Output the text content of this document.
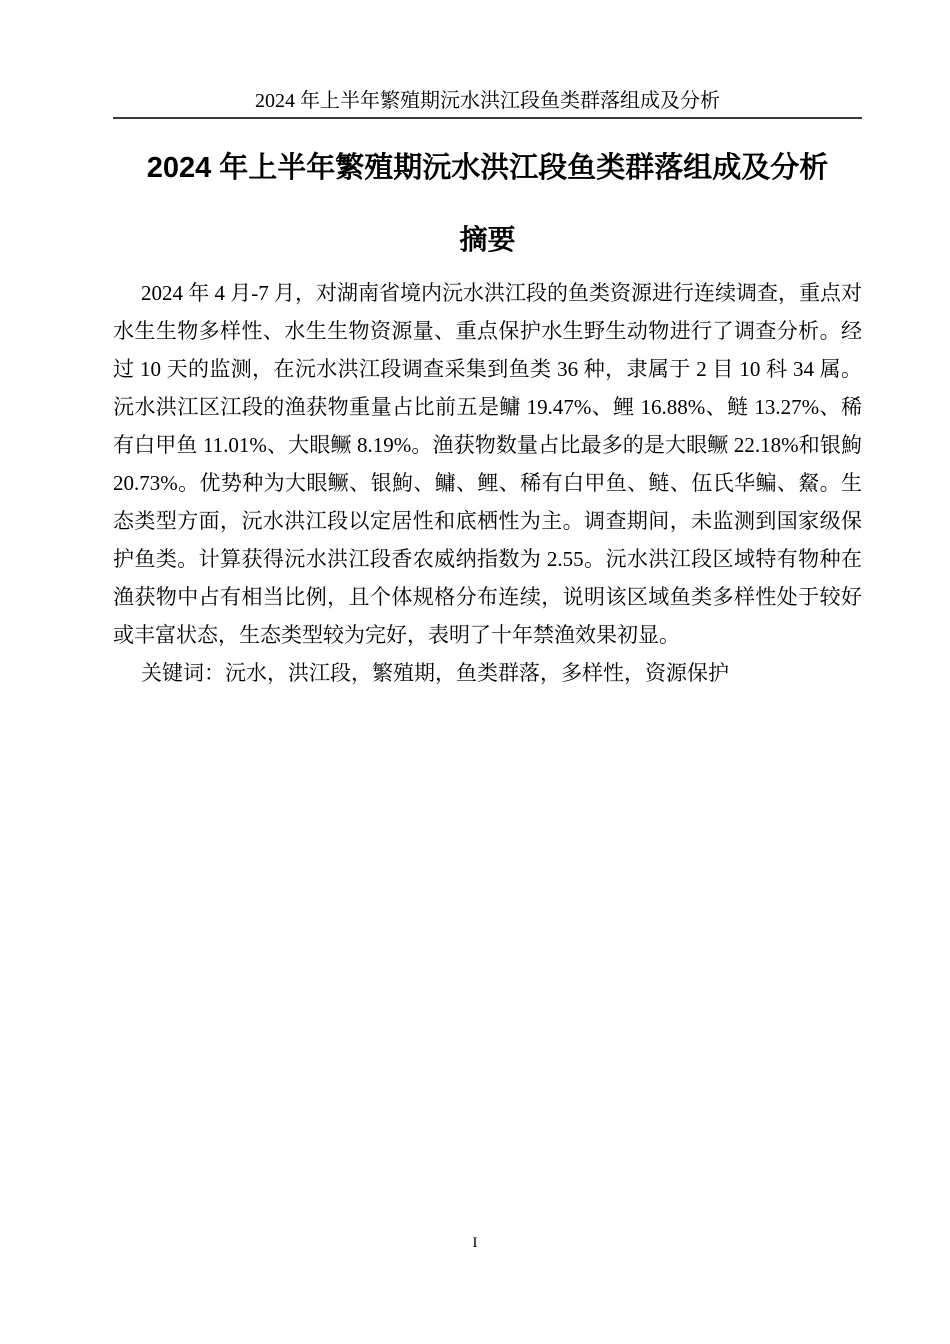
2024 年上半年繁殖期沅水洪江段鱼类群落组成及分析
2024 年上半年繁殖期沅水洪江段鱼类群落组成及分析
摘要

2024 年 4 月-7 月，对湖南省境内沅水洪江段的鱼类资源进行连续调查，重点对水生生物多样性、水生生物资源量、重点保护水生野生动物进行了调查分析。经过 10 天的监测，在沅水洪江段调查采集到鱼类 36 种，隶属于 2 目 10 科 34 属。沅水洪江区江段的渔获物重量占比前五是鳙 19.47%、鲤 16.88%、鲢 13.27%、稀有白甲鱼 11.01%、大眼鳜 8.19%。渔获物数量占比最多的是大眼鳜 22.18%和银鮈 20.73%。优势种为大眼鳜、银鮈、鳙、鲤、稀有白甲鱼、鲢、伍氏华鳊、䱗。生态类型方面，沅水洪江段以定居性和底栖性为主。调查期间，未监测到国家级保护鱼类。计算获得沅水洪江段香农威纳指数为 2.55。沅水洪江段区域特有物种在渔获物中占有相当比例，且个体规格分布连续，说明该区域鱼类多样性处于较好或丰富状态，生态类型较为完好，表明了十年禁渔效果初显。

关键词：沅水，洪江段，繁殖期，鱼类群落，多样性，资源保护

I
